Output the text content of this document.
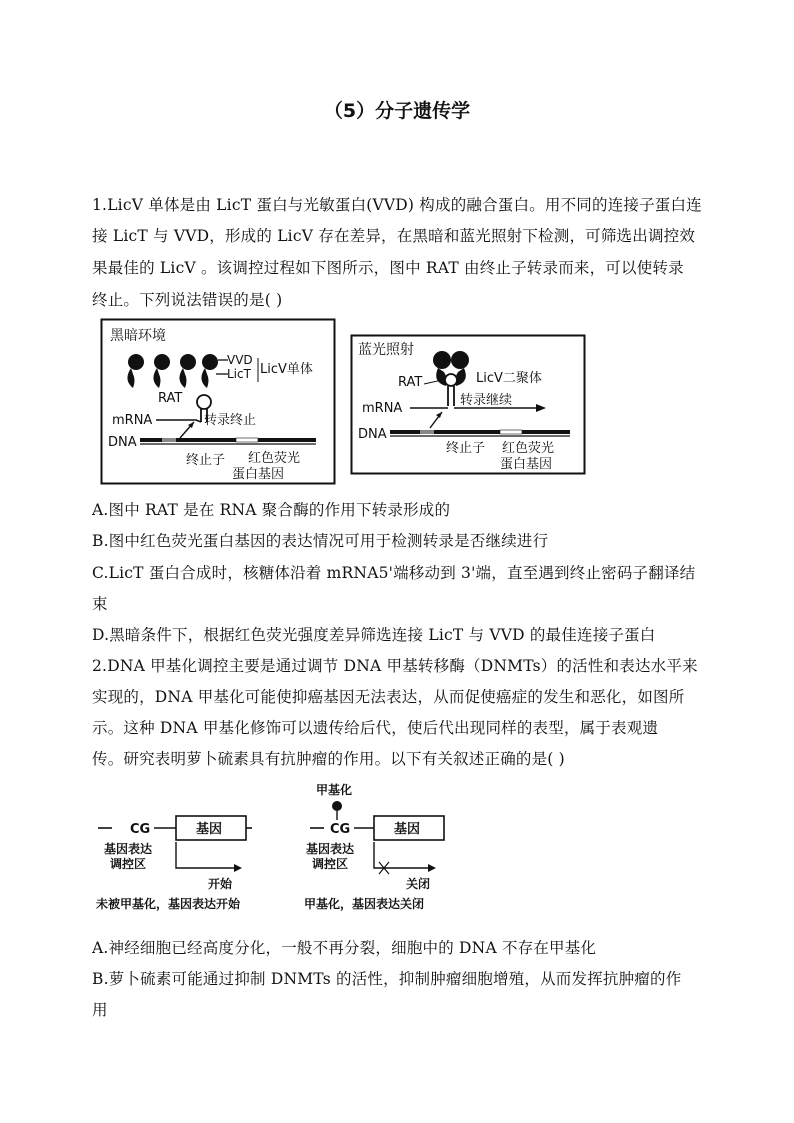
（5）分子遗传学
1.LicV 单体是由 LicT 蛋白与光敏蛋白(VVD) 构成的融合蛋白。用不同的连接子蛋白连
接 LicT 与 VVD，形成的 LicV 存在差异，在黑暗和蓝光照射下检测，可筛选出调控效
果最佳的 LicV 。该调控过程如下图所示，图中 RAT 由终止子转录而来，可以使转录
终止。下列说法错误的是( )
黑暗环境
VVD
LicT LicV单体
RAT
mRNA	转录终止
DNA
终止子 红色荧光
蛋白基因
蓝光照射
RAT	LicV二聚体
mRNA
转录继续
DNA
终止子 红色荧光
蛋白基因
A.图中 RAT 是在 RNA 聚合酶的作用下转录形成的
B.图中红色荧光蛋白基因的表达情况可用于检测转录是否继续进行
C.LicT 蛋白合成时，核糖体沿着 mRNA5'端移动到 3'端，直至遇到终止密码子翻译结
束
D.黑暗条件下，根据红色荧光强度差异筛选连接 LicT 与 VVD 的最佳连接子蛋白
2.DNA 甲基化调控主要是通过调节 DNA 甲基转移酶（DNMTs）的活性和表达水平来
实现的，DNA 甲基化可能使抑癌基因无法表达，从而促使癌症的发生和恶化，如图所
示。这种 DNA 甲基化修饰可以遗传给后代，使后代出现同样的表型，属于表观遗
传。研究表明萝卜硫素具有抗肿瘤的作用。以下有关叙述正确的是( )
CG	基因
基因表达
调控区
开始
未被甲基化，基因表达开始
甲基化
CG	基因
基因表达
调控区
关闭
甲基化，基因表达关闭
A.神经细胞已经高度分化，一般不再分裂，细胞中的 DNA 不存在甲基化
B.萝卜硫素可能通过抑制 DNMTs 的活性，抑制肿瘤细胞增殖，从而发挥抗肿瘤的作
用
